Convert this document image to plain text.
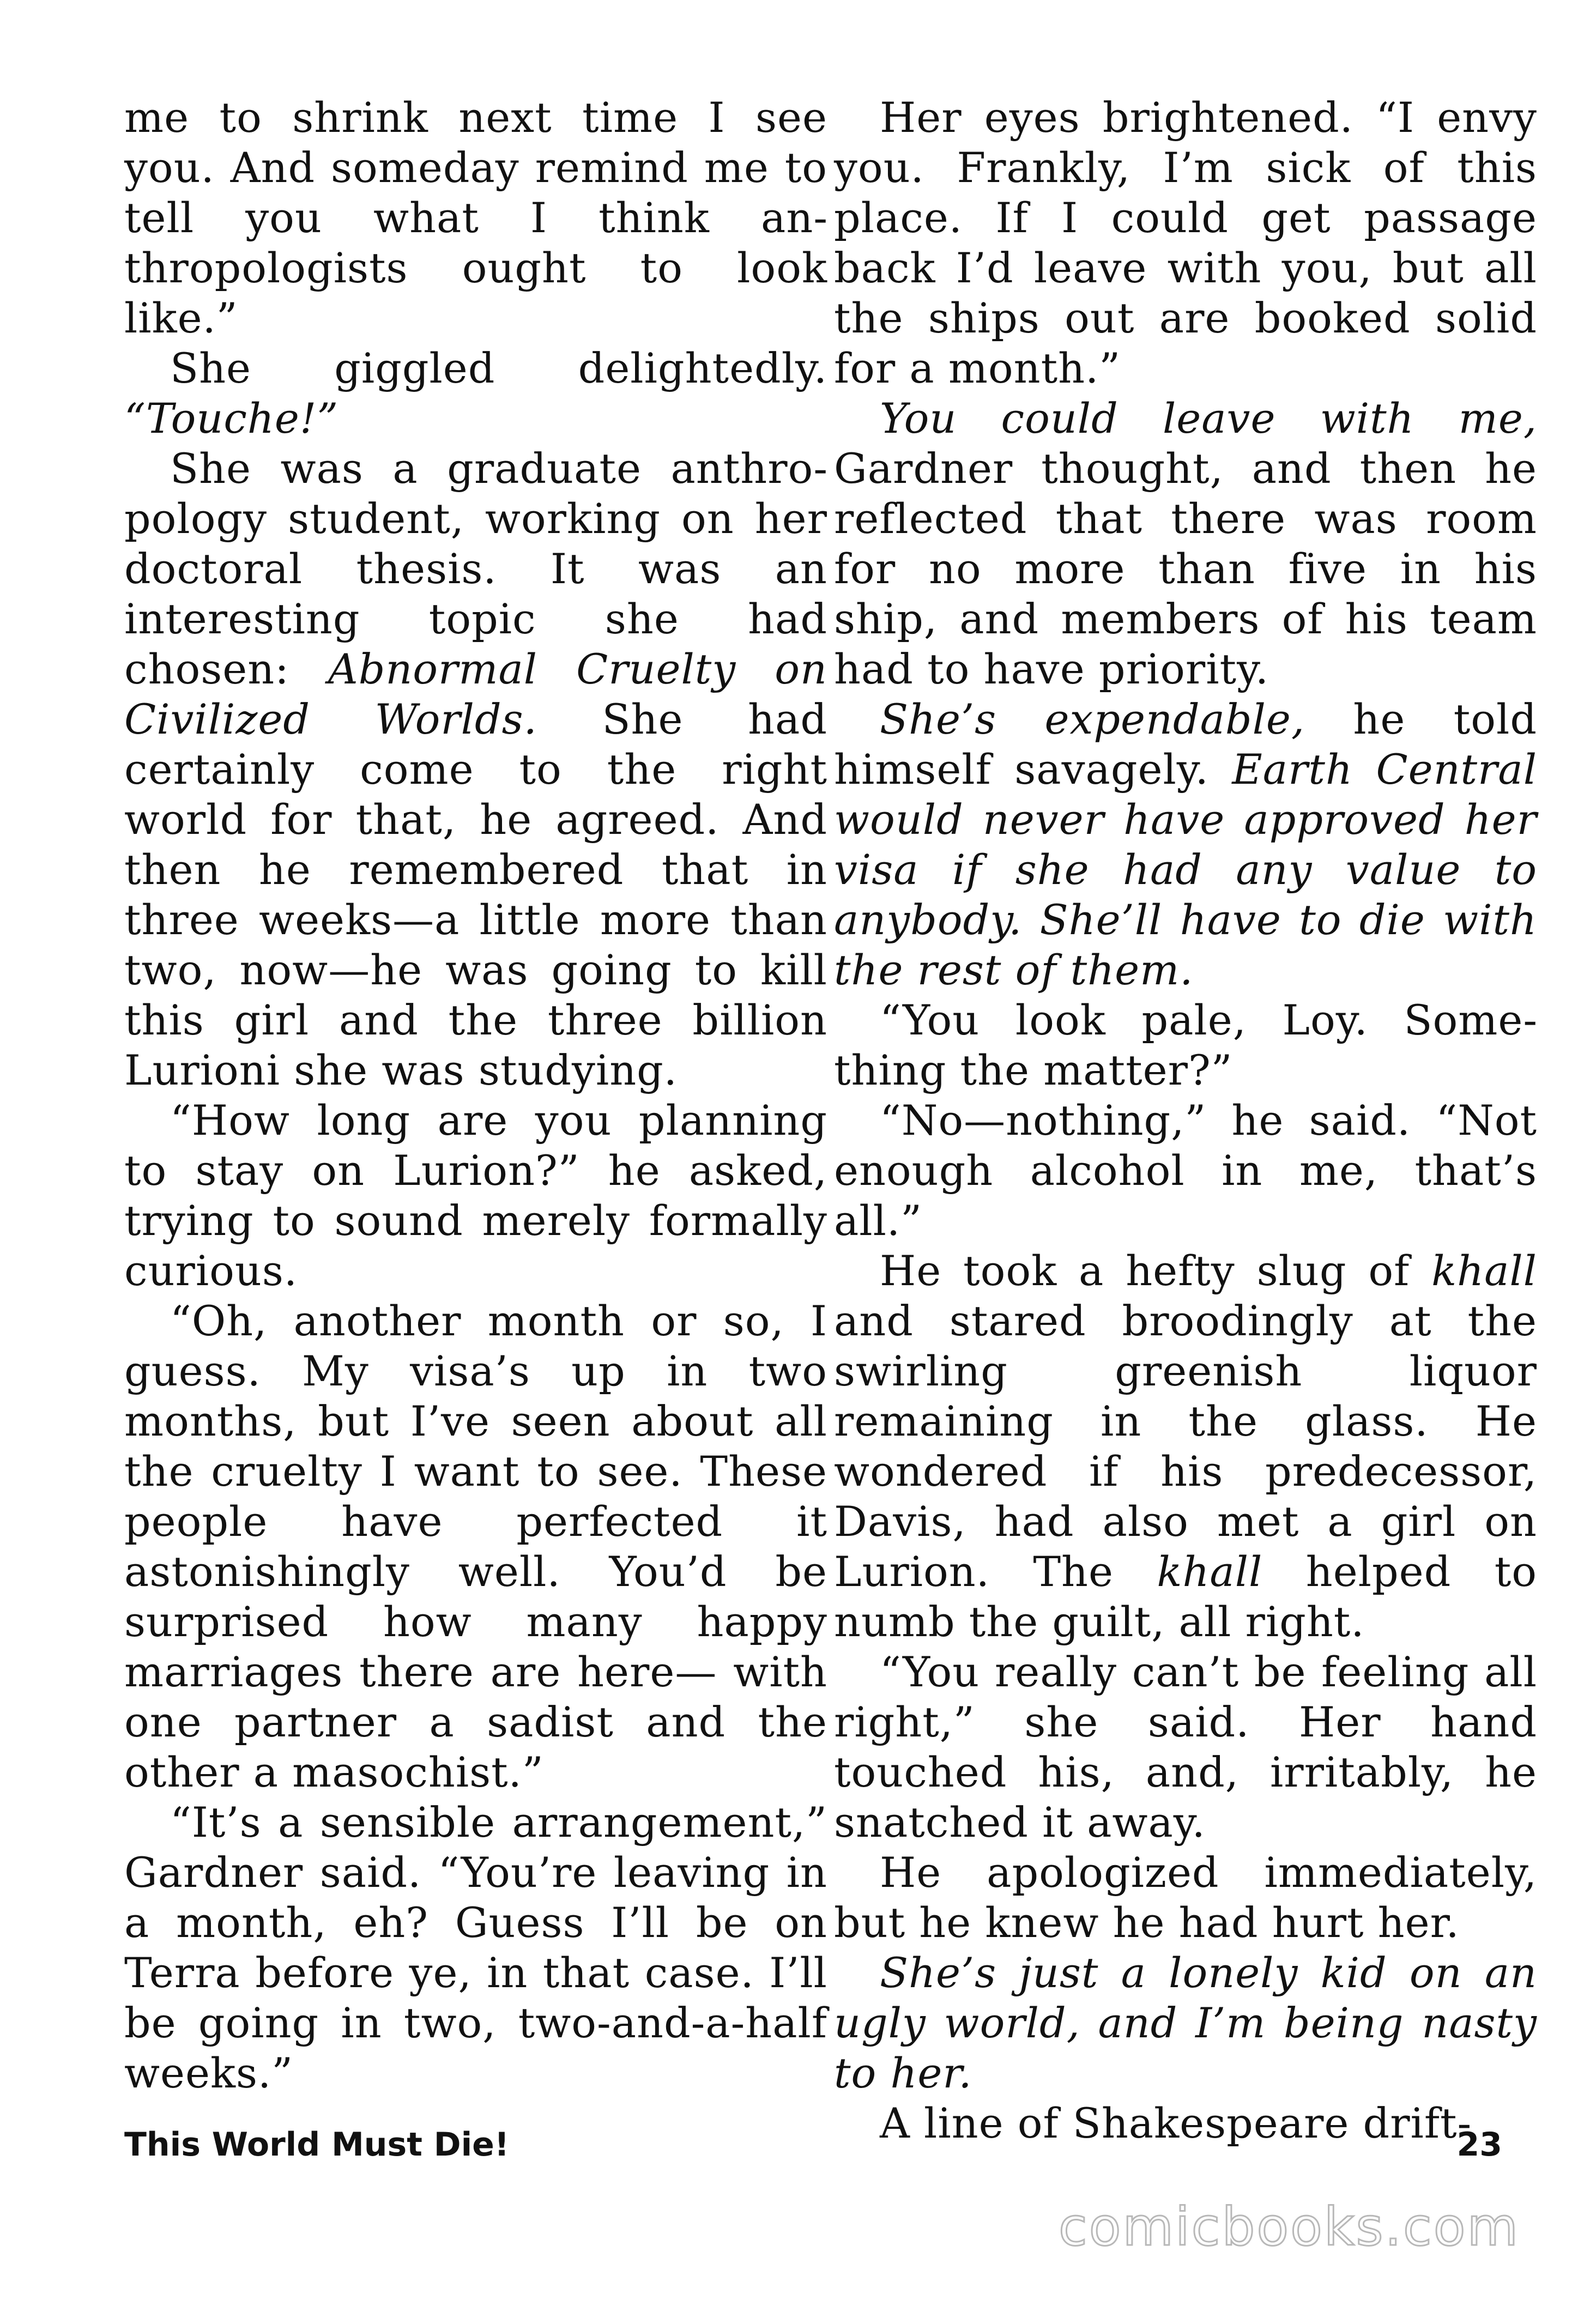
me to shrink next time I see you. And someday remind me to tell you what I think anthropologists ought to look like.”

She giggled delightedly. “Touche!”

She was a graduate anthropology student, working on her doctoral thesis. It was an interesting topic she had chosen: Abnormal Cruelty on Civilized Worlds. She had certainly come to the right world for that, he agreed. And then he remembered that in three weeks—a little more than two, now—he was going to kill this girl and the three billion Lurioni she was studying.

“How long are you planning to stay on Lurion?” he asked, trying to sound merely formally curious.

“Oh, another month or so, I guess. My visa’s up in two months, but I’ve seen about all the cruelty I want to see. These people have perfected it astonishingly well. You’d be surprised how many happy marriages there are here— with one partner a sadist and the other a masochist.”

“It’s a sensible arrangement,” Gardner said. “You’re leaving in a month, eh? Guess I’ll be on Terra before ye, in that case. I’ll be going in two, two-and-a-half weeks.”

Her eyes brightened. “I envy you. Frankly, I’m sick of this place. If I could get passage back I’d leave with you, but all the ships out are booked solid for a month.”

You could leave with me, Gardner thought, and then he reflected that there was room for no more than five in his ship, and members of his team had to have priority.

She’s expendable, he told himself savagely. Earth Central would never have approved her visa if she had any value to anybody. She’ll have to die with the rest of them.

“You look pale, Loy. Something the matter?”

“No—nothing,” he said. “Not enough alcohol in me, that’s all.”

He took a hefty slug of khall and stared broodingly at the swirling greenish liquor remaining in the glass. He wondered if his predecessor, Davis, had also met a girl on Lurion. The khall helped to numb the guilt, all right.

“You really can’t be feeling all right,” she said. Her hand touched his, and, irritably, he snatched it away.

He apologized immediately, but he knew he had hurt her.

She’s just a lonely kid on an ugly world, and I’m being nasty to her.

A line of Shakespeare drift-

This World Must Die!	23
comicbooks.com
